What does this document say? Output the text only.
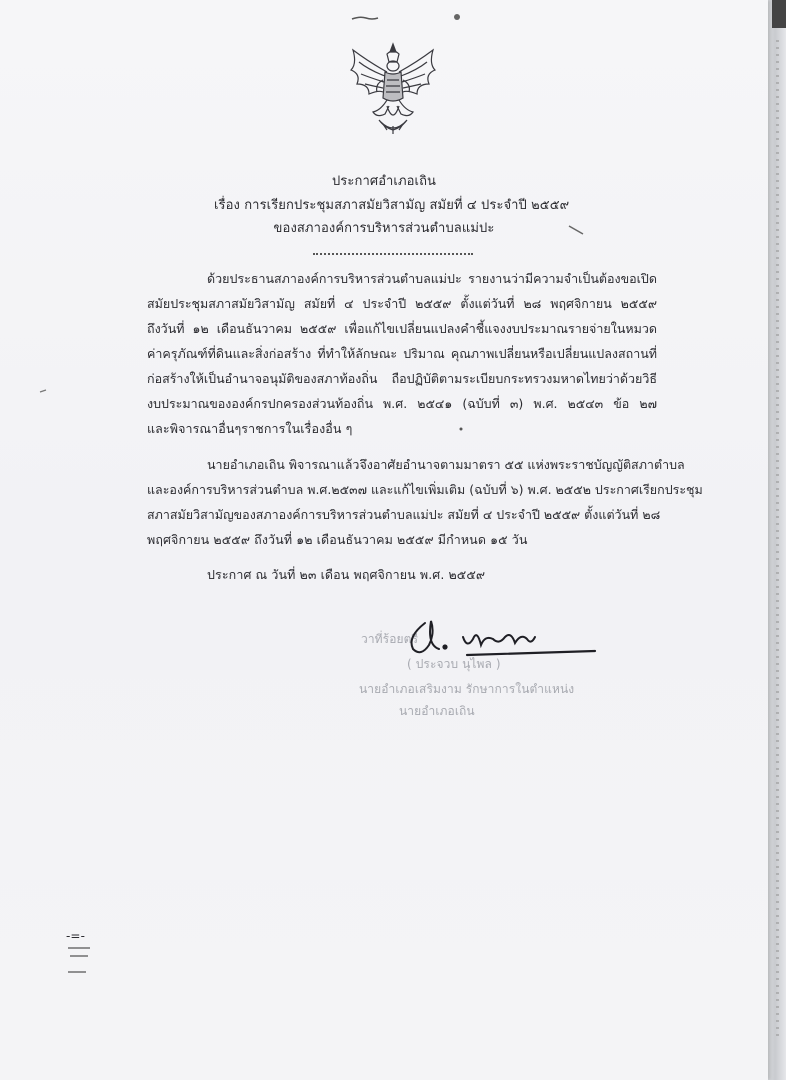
ประกาศอำเภอเถิน
เรื่อง การเรียกประชุมสภาสมัยวิสามัญ สมัยที่ ๔ ประจำปี ๒๕๕๙
ของสภาองค์การบริหารส่วนตำบลแม่ปะ
ด้วยประธานสภาองค์การบริหารส่วนตำบลแม่ปะ รายงานว่ามีความจำเป็นต้องขอเปิด
สมัยประชุมสภาสมัยวิสามัญ สมัยที่ ๔ ประจำปี ๒๕๕๙ ตั้งแต่วันที่ ๒๘ พฤศจิกายน ๒๕๕๙
ถึงวันที่ ๑๒ เดือนธันวาคม ๒๕๕๙ เพื่อแก้ไขเปลี่ยนแปลงคำชี้แจงงบประมาณรายจ่ายในหมวด
ค่าครุภัณฑ์ที่ดินและสิ่งก่อสร้าง ที่ทำให้ลักษณะ ปริมาณ คุณภาพเปลี่ยนหรือเปลี่ยนแปลงสถานที่
ก่อสร้างให้เป็นอำนาจอนุมัติของสภาท้องถิ่น ถือปฏิบัติตามระเบียบกระทรวงมหาดไทยว่าด้วยวิธี
งบประมาณขององค์กรปกครองส่วนท้องถิ่น พ.ศ. ๒๕๔๑ (ฉบับที่ ๓) พ.ศ. ๒๕๔๓ ข้อ ๒๗
และพิจารณาอื่นๆราชการในเรื่องอื่น ๆ
นายอำเภอเถิน พิจารณาแล้วจึงอาศัยอำนาจตามมาตรา ๕๕ แห่งพระราชบัญญัติสภาตำบล
และองค์การบริหารส่วนตำบล พ.ศ.๒๕๓๗ และแก้ไขเพิ่มเติม (ฉบับที่ ๖) พ.ศ. ๒๕๕๒ ประกาศเรียกประชุม
สภาสมัยวิสามัญของสภาองค์การบริหารส่วนตำบลแม่ปะ สมัยที่ ๔ ประจำปี ๒๕๕๙ ตั้งแต่วันที่ ๒๘
พฤศจิกายน ๒๕๕๙ ถึงวันที่ ๑๒ เดือนธันวาคม ๒๕๕๙ มีกำหนด ๑๕ วัน
ประกาศ ณ วันที่ ๒๓ เดือน พฤศจิกายน พ.ศ. ๒๕๕๙
วาที่ร้อยตรี
( ประจวบ นุไพล )
นายอำเภอเสริมงาม รักษาการในตำแหน่ง
นายอำเภอเถิน
-=-
